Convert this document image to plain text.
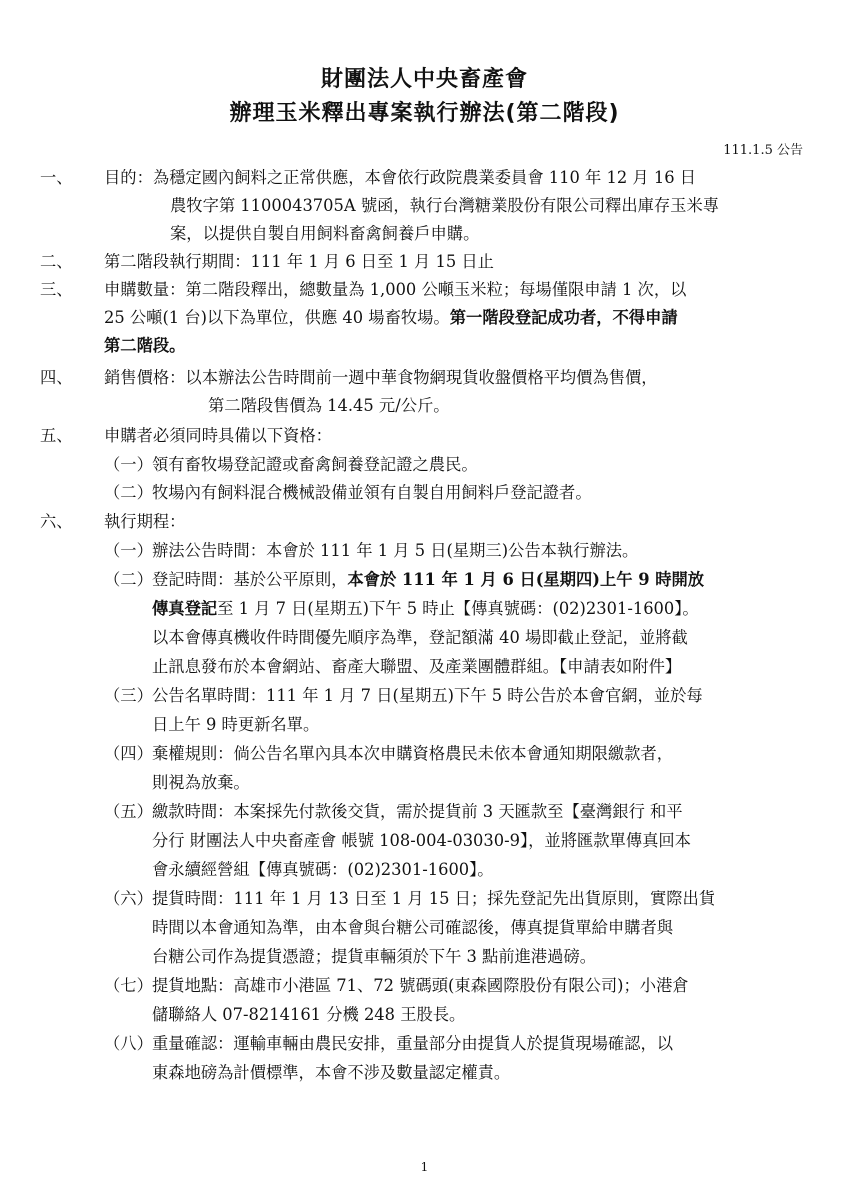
財團法人中央畜產會
辦理玉米釋出專案執行辦法(第二階段)
111.1.5 公告
一、 目的：為穩定國內飼料之正常供應，本會依行政院農業委員會 110 年 12 月 16 日
農牧字第 1100043705A 號函，執行台灣糖業股份有限公司釋出庫存玉米專
案，以提供自製自用飼料畜禽飼養戶申購。
二、 第二階段執行期間：111 年 1 月 6 日至 1 月 15 日止
三、 申購數量：第二階段釋出，總數量為 1,000 公噸玉米粒；每場僅限申請 1 次，以
25 公噸(1 台)以下為單位，供應 40 場畜牧場。第一階段登記成功者，不得申請
第二階段。
四、 銷售價格：以本辦法公告時間前一週中華食物網現貨收盤價格平均價為售價，
第二階段售價為 14.45 元/公斤。
五、 申購者必須同時具備以下資格：
（一） 領有畜牧場登記證或畜禽飼養登記證之農民。
（二） 牧場內有飼料混合機械設備並領有自製自用飼料戶登記證者。
六、 執行期程：
（一） 辦法公告時間：本會於 111 年 1 月 5 日(星期三)公告本執行辦法。
（二） 登記時間：基於公平原則，本會於 111 年 1 月 6 日(星期四)上午 9 時開放
傳真登記至 1 月 7 日(星期五)下午 5 時止【傳真號碼：(02)2301-1600】。
以本會傳真機收件時間優先順序為準，登記額滿 40 場即截止登記，並將截
止訊息發布於本會網站、畜產大聯盟、及產業團體群組。【申請表如附件】
（三） 公告名單時間：111 年 1 月 7 日(星期五)下午 5 時公告於本會官網，並於每
日上午 9 時更新名單。
（四） 棄權規則：倘公告名單內具本次申購資格農民未依本會通知期限繳款者，
則視為放棄。
（五） 繳款時間：本案採先付款後交貨，需於提貨前 3 天匯款至【臺灣銀行 和平
分行 財團法人中央畜產會 帳號 108-004-03030-9】，並將匯款單傳真回本
會永續經營組【傳真號碼：(02)2301-1600】。
（六） 提貨時間：111 年 1 月 13 日至 1 月 15 日；採先登記先出貨原則，實際出貨
時間以本會通知為準，由本會與台糖公司確認後，傳真提貨單給申購者與
台糖公司作為提貨憑證；提貨車輛須於下午 3 點前進港過磅。
（七） 提貨地點：高雄市小港區 71、72 號碼頭(東森國際股份有限公司)；小港倉
儲聯絡人 07-8214161 分機 248 王股長。
（八） 重量確認：運輸車輛由農民安排，重量部分由提貨人於提貨現場確認，以
東森地磅為計價標準，本會不涉及數量認定權責。
1
